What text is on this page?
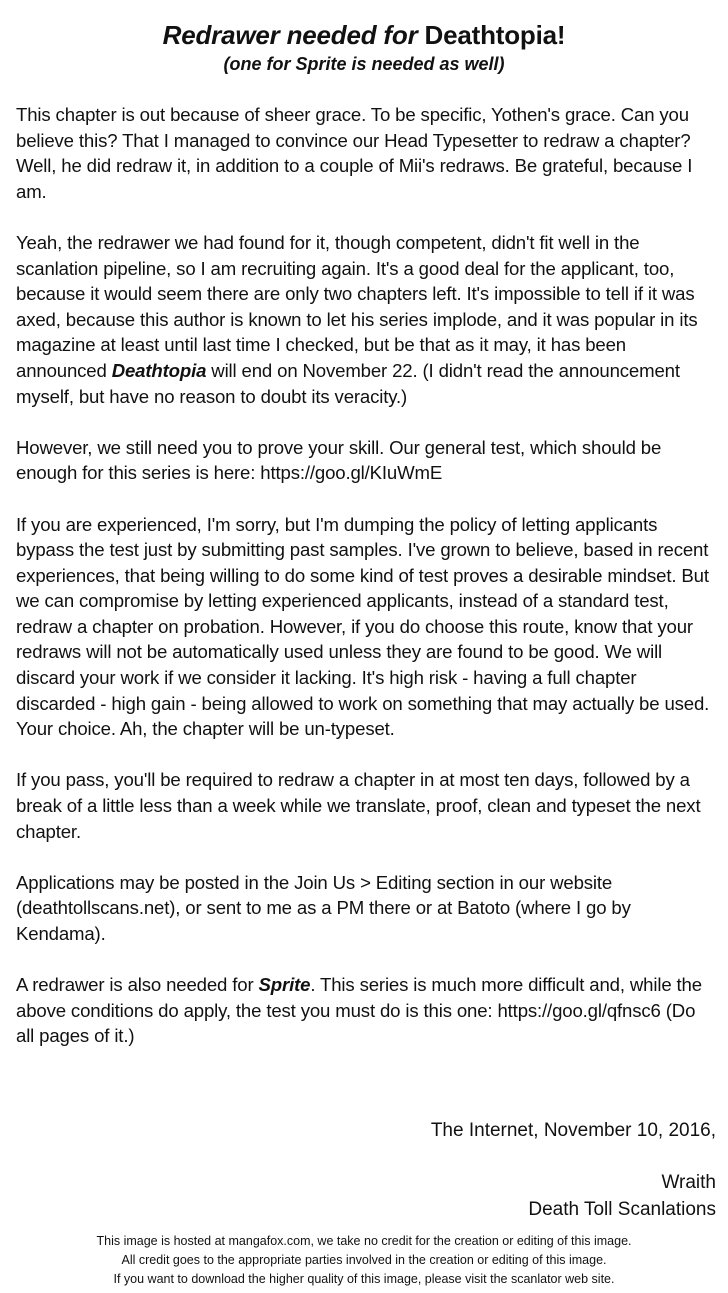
Redrawer needed for Deathtopia!
(one for Sprite is needed as well)

This chapter is out because of sheer grace. To be specific, Yothen's grace. Can you believe this? That I managed to convince our Head Typesetter to redraw a chapter? Well, he did redraw it, in addition to a couple of Mii's redraws. Be grateful, because I am.

Yeah, the redrawer we had found for it, though competent, didn't fit well in the scanlation pipeline, so I am recruiting again. It's a good deal for the applicant, too, because it would seem there are only two chapters left. It's impossible to tell if it was axed, because this author is known to let his series implode, and it was popular in its magazine at least until last time I checked, but be that as it may, it has been announced Deathtopia will end on November 22. (I didn't read the announcement myself, but have no reason to doubt its veracity.)

However, we still need you to prove your skill. Our general test, which should be enough for this series is here: https://goo.gl/KIuWmE

If you are experienced, I'm sorry, but I'm dumping the policy of letting applicants bypass the test just by submitting past samples. I've grown to believe, based in recent experiences, that being willing to do some kind of test proves a desirable mindset. But we can compromise by letting experienced applicants, instead of a standard test, redraw a chapter on probation. However, if you do choose this route, know that your redraws will not be automatically used unless they are found to be good. We will discard your work if we consider it lacking. It's high risk - having a full chapter discarded - high gain - being allowed to work on something that may actually be used. Your choice. Ah, the chapter will be un-typeset.

If you pass, you'll be required to redraw a chapter in at most ten days, followed by a break of a little less than a week while we translate, proof, clean and typeset the next chapter.

Applications may be posted in the Join Us > Editing section in our website (deathtollscans.net), or sent to me as a PM there or at Batoto (where I go by Kendama).

A redrawer is also needed for Sprite. This series is much more difficult and, while the above conditions do apply, the test you must do is this one: https://goo.gl/qfnsc6 (Do all pages of it.)

The Internet, November 10, 2016,
Wraith
Death Toll Scanlations
This image is hosted at mangafox.com, we take no credit for the creation or editing of this image.
All credit goes to the appropriate parties involved in the creation or editing of this image.
If you want to download the higher quality of this image, please visit the scanlator web site.
